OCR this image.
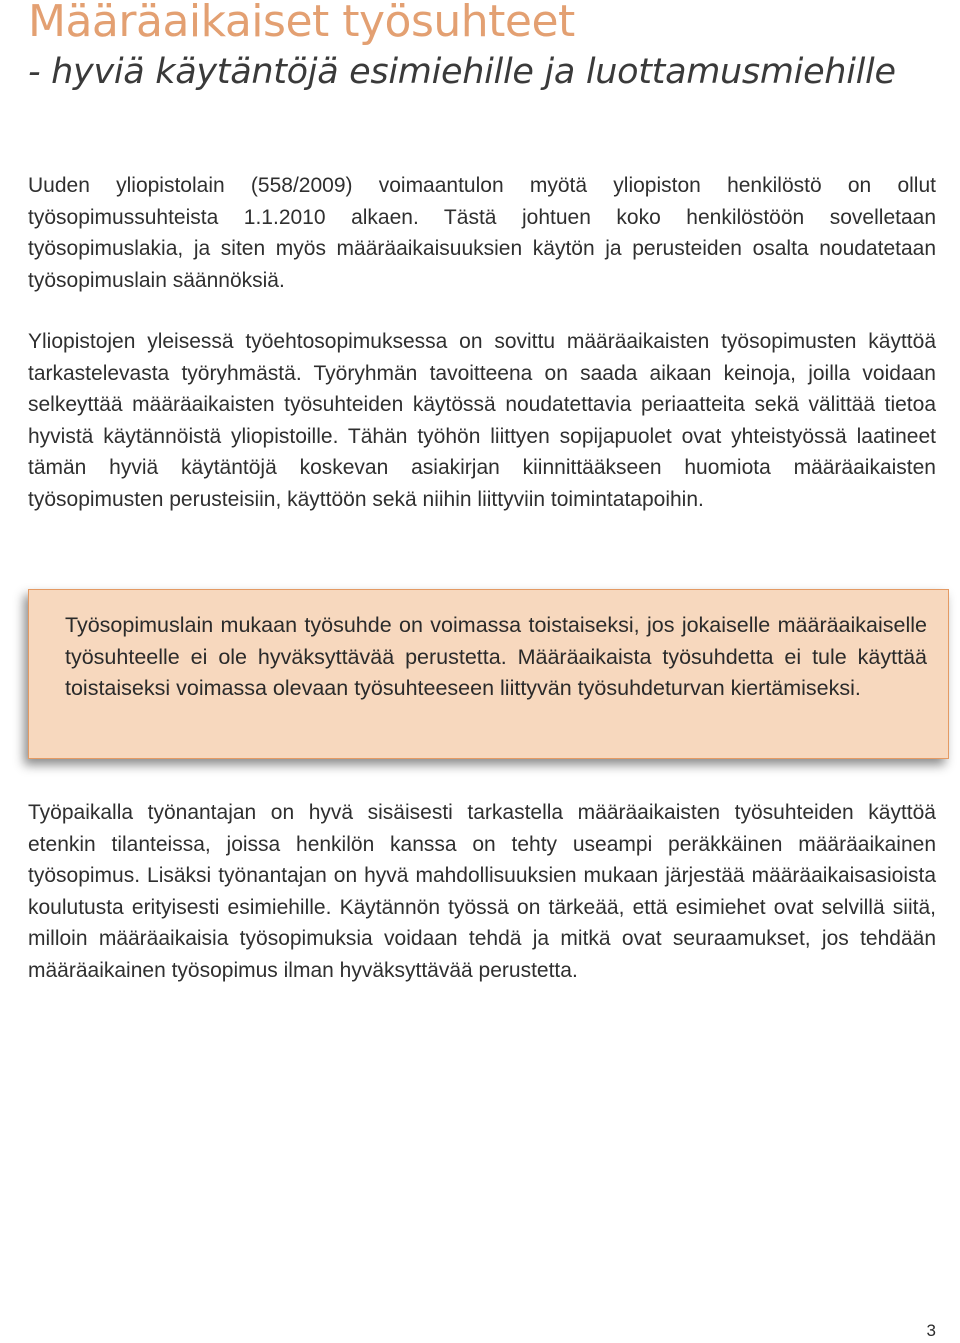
Määräaikaiset työsuhteet
- hyviä käytäntöjä esimiehille ja luottamusmiehille

Uuden yliopistolain (558/2009) voimaantulon myötä yliopiston henkilöstö on ollut työsopimussuhteista 1.1.2010 alkaen. Tästä johtuen koko henkilöstöön sovelletaan työsopimuslakia, ja siten myös määräaikaisuuksien käytön ja perusteiden osalta noudatetaan työsopimuslain säännöksiä.

Yliopistojen yleisessä työehtosopimuksessa on sovittu määräaikaisten työsopimusten käyttöä tarkastelevasta työryhmästä. Työryhmän tavoitteena on saada aikaan keinoja, joilla voidaan selkeyttää määräaikaisten työsuhteiden käytössä noudatettavia periaatteita sekä välittää tietoa hyvistä käytännöistä yliopistoille. Tähän työhön liittyen sopijapuolet ovat yhteistyössä laatineet tämän hyviä käytäntöjä koskevan asiakirjan kiinnittääkseen huomiota määräaikaisten työsopimusten perusteisiin, käyttöön sekä niihin liittyviin toimintatapoihin.

Työsopimuslain mukaan työsuhde on voimassa toistaiseksi, jos jokaiselle määräaikaiselle työsuhteelle ei ole hyväksyttävää perustetta. Määräaikaista työsuhdetta ei tule käyttää toistaiseksi voimassa olevaan työsuhteeseen liittyvän työsuhdeturvan kiertämiseksi.

Työpaikalla työnantajan on hyvä sisäisesti tarkastella määräaikaisten työsuhteiden käyttöä etenkin tilanteissa, joissa henkilön kanssa on tehty useampi peräkkäinen määräaikainen työsopimus. Lisäksi työnantajan on hyvä mahdollisuuksien mukaan järjestää määräaikaisasioista koulutusta erityisesti esimiehille. Käytännön työssä on tärkeää, että esimiehet ovat selvillä siitä, milloin määräaikaisia työsopimuksia voidaan tehdä ja mitkä ovat seuraamukset, jos tehdään määräaikainen työsopimus ilman hyväksyttävää perustetta.

3
